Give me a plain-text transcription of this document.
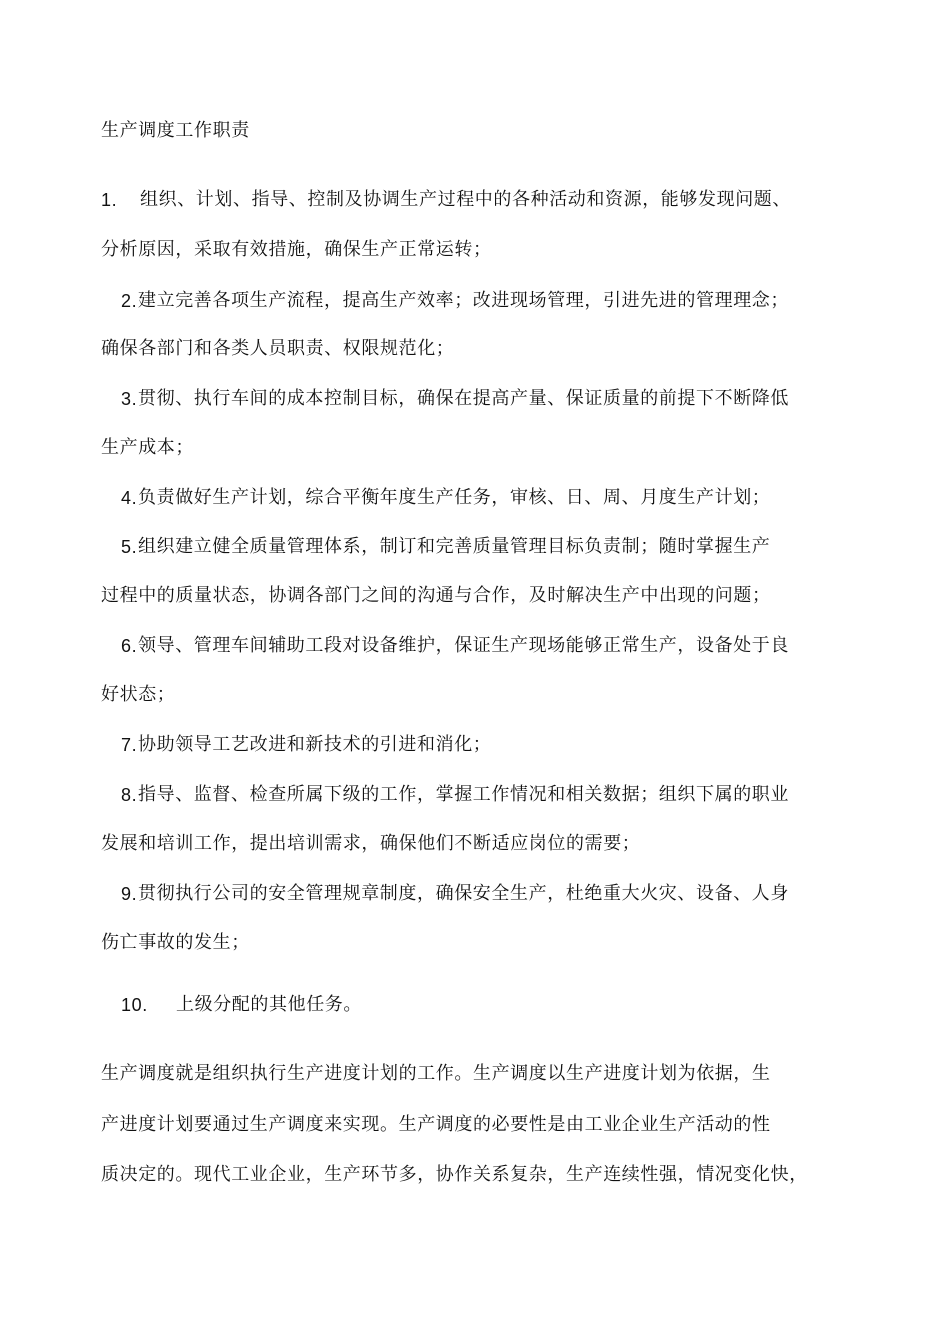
生产调度工作职责
1. 组织、计划、指导、控制及协调生产过程中的各种活动和资源，能够发现问题、
分析原因，采取有效措施，确保生产正常运转；
2. 建立完善各项生产流程，提高生产效率；改进现场管理，引进先进的管理理念；
确保各部门和各类人员职责、权限规范化；
3. 贯彻、执行车间的成本控制目标，确保在提高产量、保证质量的前提下不断降低
生产成本；
4. 负责做好生产计划，综合平衡年度生产任务，审核、日、周、月度生产计划；
5. 组织建立健全质量管理体系，制订和完善质量管理目标负责制；随时掌握生产
过程中的质量状态，协调各部门之间的沟通与合作，及时解决生产中出现的问题；
6. 领导、管理车间辅助工段对设备维护，保证生产现场能够正常生产，设备处于良
好状态；
7. 协助领导工艺改进和新技术的引进和消化；
8. 指导、监督、检查所属下级的工作，掌握工作情况和相关数据；组织下属的职业
发展和培训工作，提出培训需求，确保他们不断适应岗位的需要；
9. 贯彻执行公司的安全管理规章制度，确保安全生产，杜绝重大火灾、设备、人身
伤亡事故的发生；
10. 上级分配的其他任务。
生产调度就是组织执行生产进度计划的工作。生产调度以生产进度计划为依据，生
产进度计划要通过生产调度来实现。生产调度的必要性是由工业企业生产活动的性
质决定的。现代工业企业，生产环节多，协作关系复杂，生产连续性强，情况变化快，
